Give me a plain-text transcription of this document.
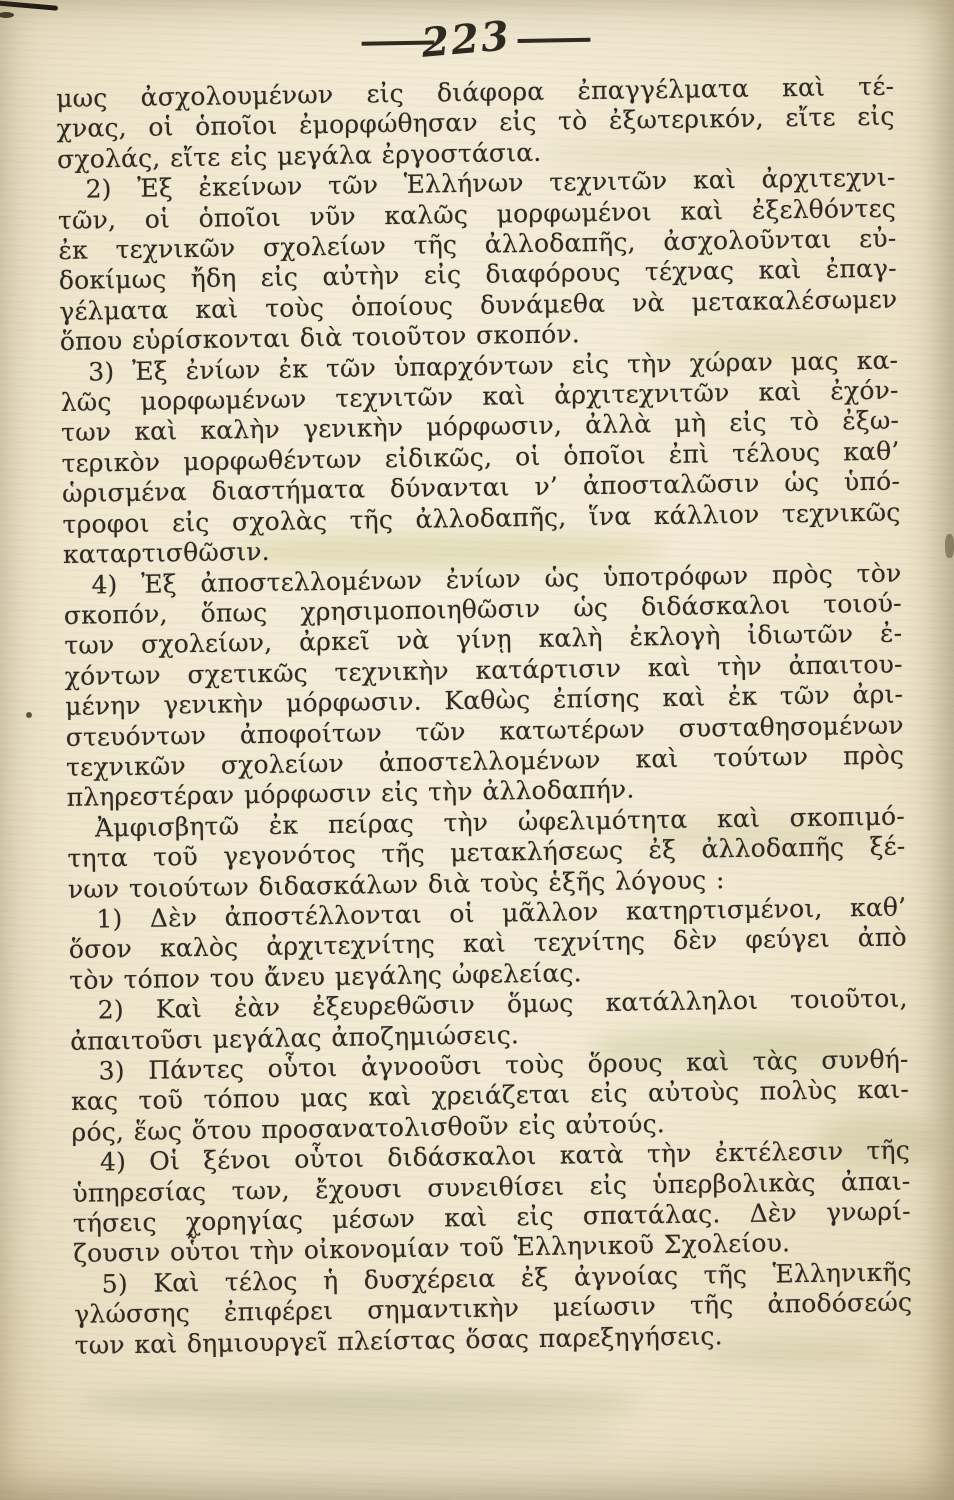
—
223 —
μως ἀσχολουμένων εἰς διάφορα ἐπαγγέλματα καὶ τέ-
χνας, οἱ ὁποῖοι ἐμορφώθησαν εἰς τὸ ἐξωτερικόν, εἴτε εἰς
σχολάς, εἴτε εἰς μεγάλα ἐργοστάσια.
2) Ἐξ ἐκείνων τῶν Ἑλλήνων τεχνιτῶν καὶ ἀρχιτεχνι-
τῶν, οἱ ὁποῖοι νῦν καλῶς μορφωμένοι καὶ ἐξελθόντες
ἐκ τεχνικῶν σχολείων τῆς ἀλλοδαπῆς, ἀσχολοῦνται εὐ-
δοκίμως ἤδη εἰς αὐτὴν εἰς διαφόρους τέχνας καὶ ἐπαγ-
γέλματα καὶ τοὺς ὁποίους δυνάμεθα νὰ μετακαλέσωμεν
ὅπου εὑρίσκονται διὰ τοιοῦτον σκοπόν.
3) Ἐξ ἐνίων ἐκ τῶν ὑπαρχόντων εἰς τὴν χώραν μας κα-
λῶς μορφωμένων τεχνιτῶν καὶ ἀρχιτεχνιτῶν καὶ ἐχόν-
των καὶ καλὴν γενικὴν μόρφωσιν, ἀλλὰ μὴ εἰς τὸ ἐξω-
τερικὸν μορφωθέντων εἰδικῶς, οἱ ὁποῖοι ἐπὶ τέλους καθ’
ὡρισμένα διαστήματα δύνανται ν’ ἀποσταλῶσιν ὡς ὑπό-
τροφοι εἰς σχολὰς τῆς ἀλλοδαπῆς, ἵνα κάλλιον τεχνικῶς
καταρτισθῶσιν.
4) Ἐξ ἀποστελλομένων ἐνίων ὡς ὑποτρόφων πρὸς τὸν
σκοπόν, ὅπως χρησιμοποιηθῶσιν ὡς διδάσκαλοι τοιού-
των σχολείων, ἀρκεῖ νὰ γίνῃ καλὴ ἐκλογὴ ἰδιωτῶν ἐ-
χόντων σχετικῶς τεχνικὴν κατάρτισιν καὶ τὴν ἀπαιτου-
μένην γενικὴν μόρφωσιν. Καθὼς ἐπίσης καὶ ἐκ τῶν ἀρι-
στευόντων ἀποφοίτων τῶν κατωτέρων συσταθησομένων
τεχνικῶν σχολείων ἀποστελλομένων καὶ τούτων πρὸς
πληρεστέραν μόρφωσιν εἰς τὴν ἀλλοδαπήν.
Ἀμφισβητῶ ἐκ πείρας τὴν ὠφελιμότητα καὶ σκοπιμό-
τητα τοῦ γεγονότος τῆς μετακλήσεως ἐξ ἀλλοδαπῆς ξέ-
νων τοιούτων διδασκάλων διὰ τοὺς ἑξῆς λόγους :
1) Δὲν ἀποστέλλονται οἱ μᾶλλον κατηρτισμένοι, καθ’
ὅσον καλὸς ἀρχιτεχνίτης καὶ τεχνίτης δὲν φεύγει ἀπὸ
τὸν τόπον του ἄνευ μεγάλης ὠφελείας.
2) Καὶ ἐὰν ἐξευρεθῶσιν ὅμως κατάλληλοι τοιοῦτοι,
ἀπαιτοῦσι μεγάλας ἀποζημιώσεις.
3) Πάντες οὗτοι ἀγνοοῦσι τοὺς ὅρους καὶ τὰς συνθή-
κας τοῦ τόπου μας καὶ χρειάζεται εἰς αὐτοὺς πολὺς και-
ρός, ἕως ὅτου προσανατολισθοῦν εἰς αὐτούς.
4) Οἱ ξένοι οὗτοι διδάσκαλοι κατὰ τὴν ἐκτέλεσιν τῆς
ὑπηρεσίας των, ἔχουσι συνειθίσει εἰς ὑπερβολικὰς ἀπαι-
τήσεις χορηγίας μέσων καὶ εἰς σπατάλας. Δὲν γνωρί-
ζουσιν οὗτοι τὴν οἰκονομίαν τοῦ Ἑλληνικοῦ Σχολείου.
5) Καὶ τέλος ἡ δυσχέρεια ἐξ ἀγνοίας τῆς Ἑλληνικῆς
γλώσσης ἐπιφέρει σημαντικὴν μείωσιν τῆς ἀποδόσεώς
των καὶ δημιουργεῖ πλείστας ὅσας παρεξηγήσεις.
